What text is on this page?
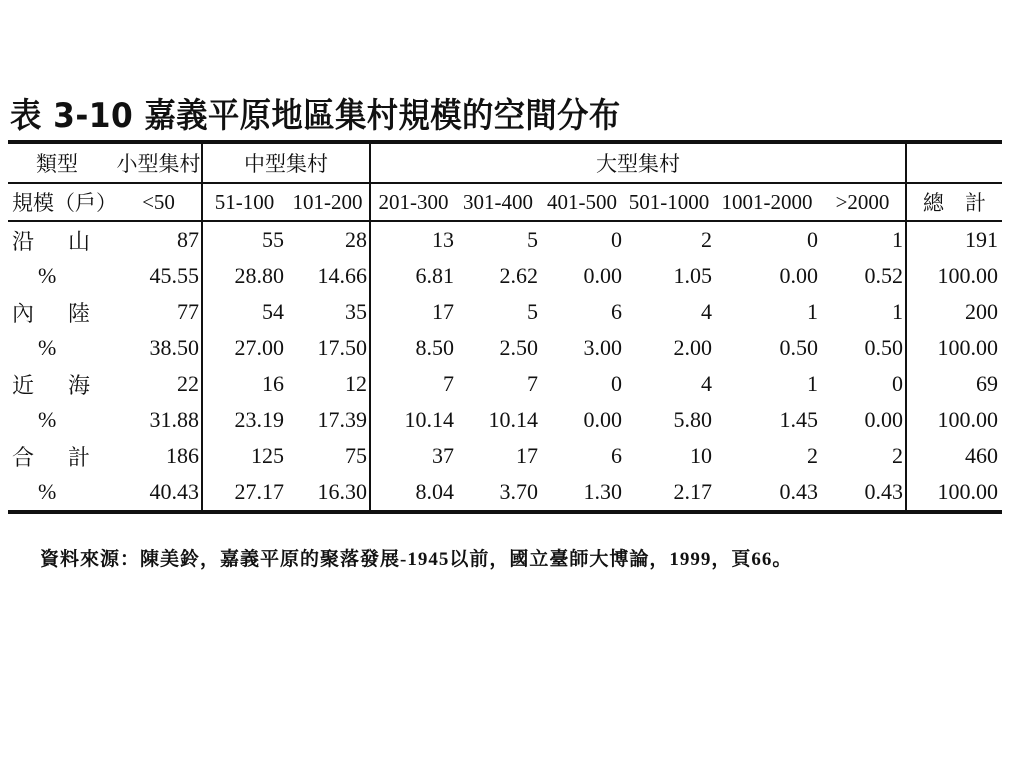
表 3-10 嘉義平原地區集村規模的空間分布
類型	小型集村	中型集村		大型集村						
規模（戶）	<50	51-100	101-200	201-300	301-400	401-500	501-1000	1001-2000	>2000	總　計
沿　山	87	55	28	13	5	0	2	0	1	191
%	45.55	28.80	14.66	6.81	2.62	0.00	1.05	0.00	0.52	100.00
內　陸	77	54	35	17	5	6	4	1	1	200
%	38.50	27.00	17.50	8.50	2.50	3.00	2.00	0.50	0.50	100.00
近　海	22	16	12	7	7	0	4	1	0	69
%	31.88	23.19	17.39	10.14	10.14	0.00	5.80	1.45	0.00	100.00
合　計	186	125	75	37	17	6	10	2	2	460
%	40.43	27.17	16.30	8.04	3.70	1.30	2.17	0.43	0.43	100.00
資料來源：陳美鈴，嘉義平原的聚落發展-1945以前，國立臺師大博論，1999，頁66。
